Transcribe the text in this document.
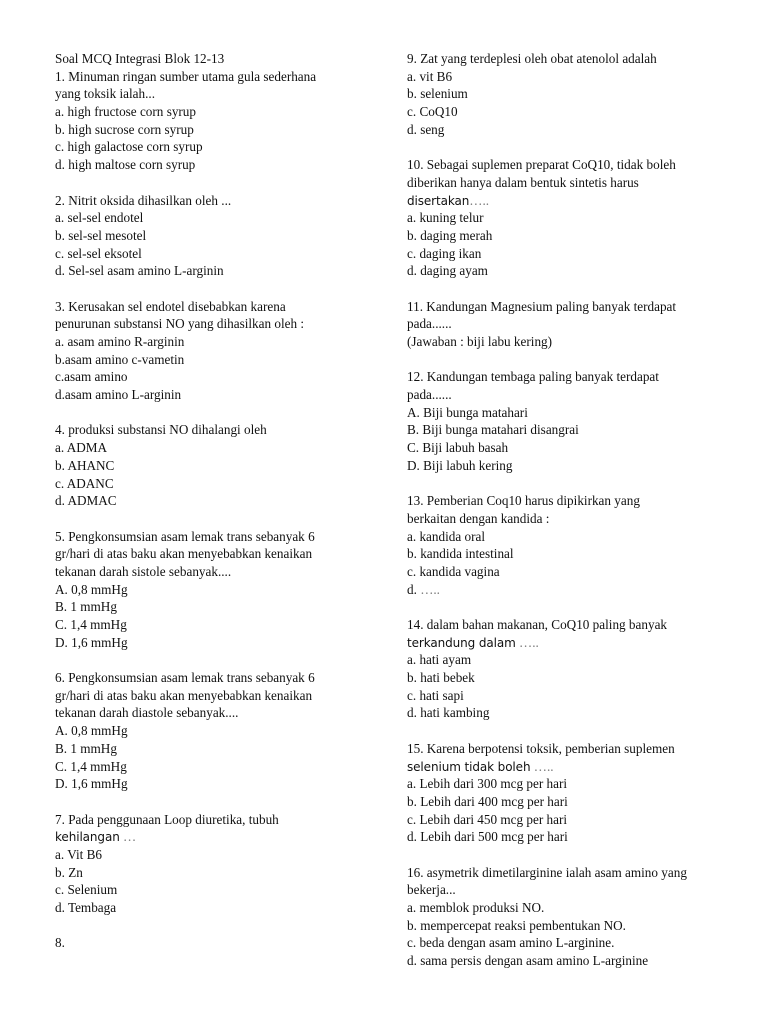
Soal MCQ Integrasi Blok 12-13
1. Minuman ringan sumber utama gula sederhana
yang toksik ialah...
a. high fructose corn syrup
b. high sucrose corn syrup
c. high galactose corn syrup
d. high maltose corn syrup
2. Nitrit oksida dihasilkan oleh ...
a. sel-sel endotel
b. sel-sel mesotel
c. sel-sel eksotel
d. Sel-sel asam amino L-arginin
3. Kerusakan sel endotel disebabkan karena
penurunan substansi NO yang dihasilkan oleh :
a. asam amino R-arginin
b.asam amino c-vametin
c.asam amino
d.asam amino L-arginin
4. produksi substansi NO dihalangi oleh
a. ADMA
b. AHANC
c. ADANC
d. ADMAC
5. Pengkonsumsian asam lemak trans sebanyak 6
gr/hari di atas baku akan menyebabkan kenaikan
tekanan darah sistole sebanyak....
A. 0,8 mmHg
B. 1 mmHg
C. 1,4 mmHg
D. 1,6 mmHg
6. Pengkonsumsian asam lemak trans sebanyak 6
gr/hari di atas baku akan menyebabkan kenaikan
tekanan darah diastole sebanyak....
A. 0,8 mmHg
B. 1 mmHg
C. 1,4 mmHg
D. 1,6 mmHg
7. Pada penggunaan Loop diuretika, tubuh
kehilangan …
a. Vit B6
b. Zn
c. Selenium
d. Tembaga
8.
9. Zat yang terdeplesi oleh obat atenolol adalah
a. vit B6
b. selenium
c. CoQ10
d. seng
10. Sebagai suplemen preparat CoQ10, tidak boleh
diberikan hanya dalam bentuk sintetis harus
disertakan…..
a. kuning telur
b. daging merah
c. daging ikan
d. daging ayam
11. Kandungan Magnesium paling banyak terdapat
pada......
(Jawaban : biji labu kering)
12. Kandungan tembaga paling banyak terdapat
pada......
A. Biji bunga matahari
B. Biji bunga matahari disangrai
C. Biji labuh basah
D. Biji labuh kering
13. Pemberian Coq10 harus dipikirkan yang
berkaitan dengan kandida :
a. kandida oral
b. kandida intestinal
c. kandida vagina
d. …..
14. dalam bahan makanan, CoQ10 paling banyak
terkandung dalam …..
a. hati ayam
b. hati bebek
c. hati sapi
d. hati kambing
15. Karena berpotensi toksik, pemberian suplemen
selenium tidak boleh …..
a. Lebih dari 300 mcg per hari
b. Lebih dari 400 mcg per hari
c. Lebih dari 450 mcg per hari
d. Lebih dari 500 mcg per hari
16. asymetrik dimetilarginine ialah asam amino yang
bekerja...
a. memblok produksi NO.
b. mempercepat reaksi pembentukan NO.
c. beda dengan asam amino L-arginine.
d. sama persis dengan asam amino L-arginine
